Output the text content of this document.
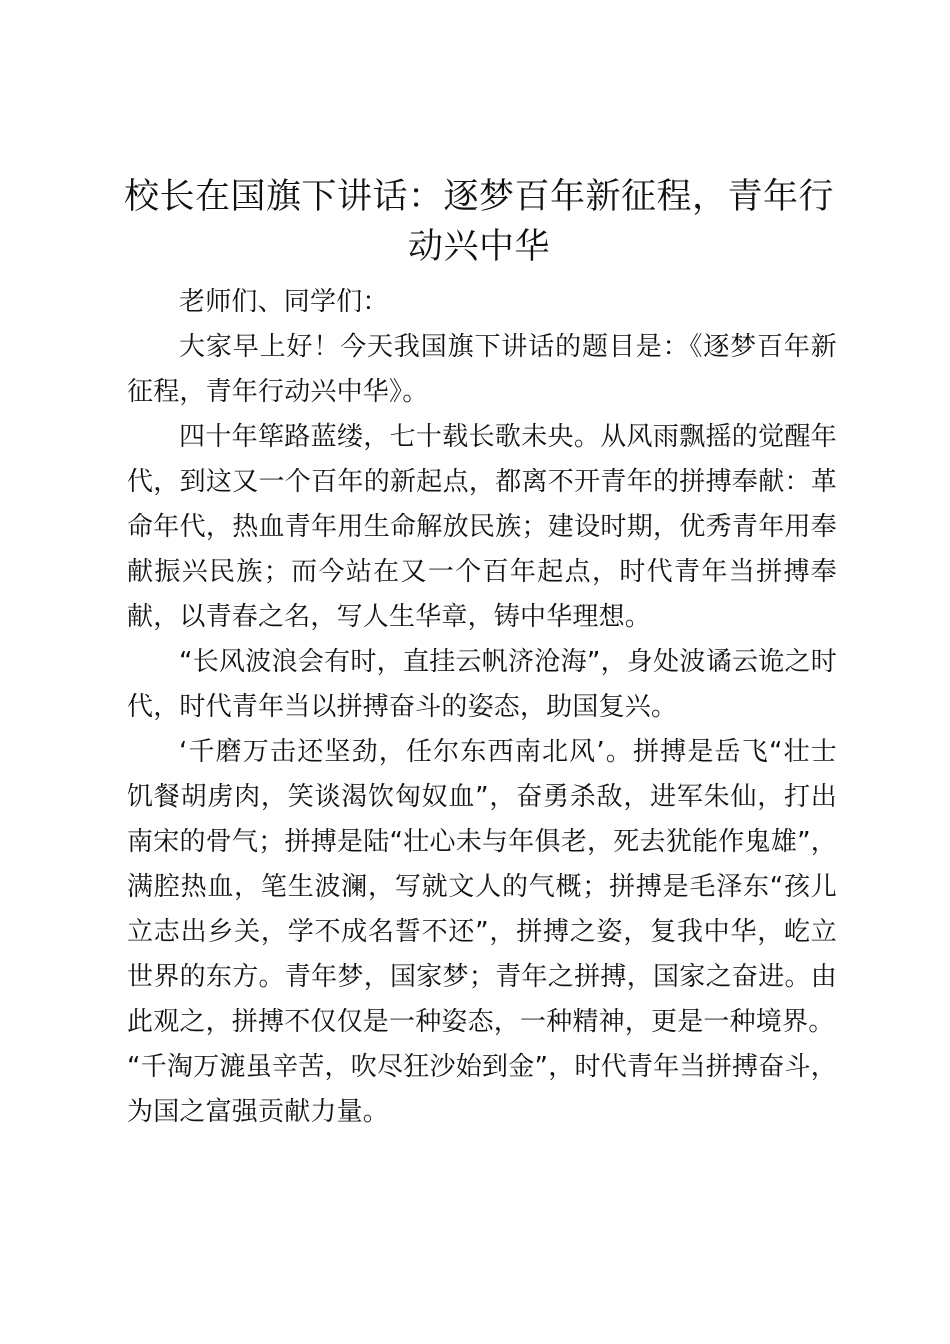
校长在国旗下讲话：逐梦百年新征程，青年行动兴中华

老师们、同学们：

大家早上好！今天我国旗下讲话的题目是：《逐梦百年新征程，青年行动兴中华》。

四十年筚路蓝缕，七十载长歌未央。从风雨飘摇的觉醒年代，到这又一个百年的新起点，都离不开青年的拼搏奉献：革命年代，热血青年用生命解放民族；建设时期，优秀青年用奉献振兴民族；而今站在又一个百年起点，时代青年当拼搏奉献，以青春之名，写人生华章，铸中华理想。

“长风波浪会有时，直挂云帆济沧海”，身处波谲云诡之时代，时代青年当以拼搏奋斗的姿态，助国复兴。

‘千磨万击还坚劲，任尔东西南北风’。拼搏是岳飞“壮士饥餐胡虏肉，笑谈渴饮匈奴血”，奋勇杀敌，进军朱仙，打出南宋的骨气；拼搏是陆“壮心未与年俱老，死去犹能作鬼雄”，满腔热血，笔生波澜，写就文人的气概；拼搏是毛泽东“孩儿立志出乡关，学不成名誓不还”，拼搏之姿，复我中华，屹立世界的东方。青年梦，国家梦；青年之拼搏，国家之奋进。由此观之，拼搏不仅仅是一种姿态，一种精神，更是一种境界。

“千淘万漉虽辛苦，吹尽狂沙始到金”，时代青年当拼搏奋斗，为国之富强贡献力量。
